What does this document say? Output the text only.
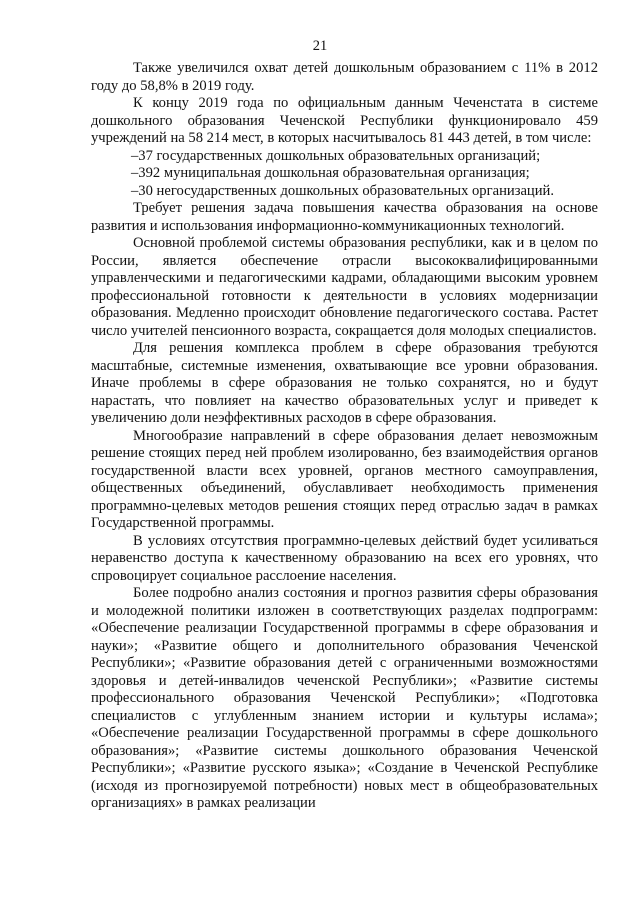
21

Также увеличился охват детей дошкольным образованием с 11% в 2012 году до 58,8% в 2019 году.

К концу 2019 года по официальным данным Чеченстата в системе дошкольного образования Чеченской Республики функционировало 459 учреждений на 58 214 мест, в которых насчитывалось 81 443 детей, в том числе:

–37 государственных дошкольных образовательных организаций;

–392 муниципальная дошкольная образовательная организация;

–30 негосударственных дошкольных образовательных организаций.

Требует решения задача повышения качества образования на основе развития и использования информационно-коммуникационных технологий.

Основной проблемой системы образования республики, как и в целом по России, является обеспечение отрасли высококвалифицированными управленческими и педагогическими кадрами, обладающими высоким уровнем профессиональной готовности к деятельности в условиях модернизации образования. Медленно происходит обновление педагогического состава. Растет число учителей пенсионного возраста, сокращается доля молодых специалистов.

Для решения комплекса проблем в сфере образования требуются масштабные, системные изменения, охватывающие все уровни образования. Иначе проблемы в сфере образования не только сохранятся, но и будут нарастать, что повлияет на качество образовательных услуг и приведет к увеличению доли неэффективных расходов в сфере образования.

Многообразие направлений в сфере образования делает невозможным решение стоящих перед ней проблем изолированно, без взаимодействия органов государственной власти всех уровней, органов местного самоуправления, общественных объединений, обуславливает необходимость применения программно-целевых методов решения стоящих перед отраслью задач в рамках Государственной программы.

В условиях отсутствия программно-целевых действий будет усиливаться неравенство доступа к качественному образованию на всех его уровнях, что спровоцирует социальное расслоение населения.

Более подробно анализ состояния и прогноз развития сферы образования и молодежной политики изложен в соответствующих разделах подпрограмм: «Обеспечение реализации Государственной программы в сфере образования и науки»; «Развитие общего и дополнительного образования Чеченской Республики»; «Развитие образования детей с ограниченными возможностями здоровья и детей-инвалидов чеченской Республики»; «Развитие системы профессионального образования Чеченской Республики»; «Подготовка специалистов с углубленным знанием истории и культуры ислама»; «Обеспечение реализации Государственной программы в сфере дошкольного образования»; «Развитие системы дошкольного образования Чеченской Республики»; «Развитие русского языка»; «Создание в Чеченской Республике (исходя из прогнозируемой потребности) новых мест в общеобразовательных организациях» в рамках реализации
